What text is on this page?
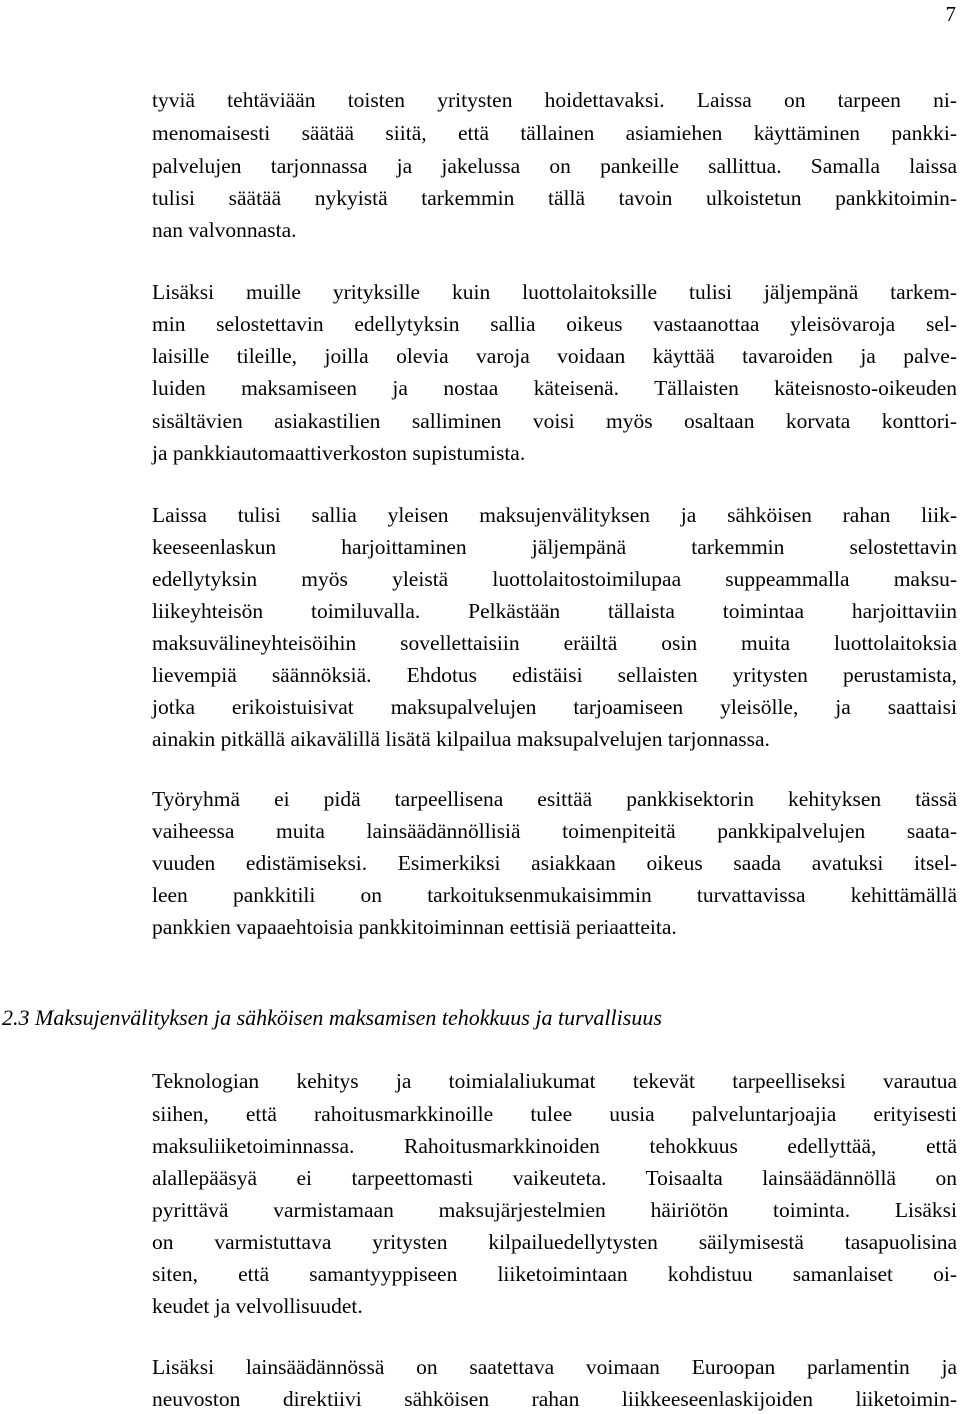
7
tyviä tehtäviään toisten yritysten hoidettavaksi. Laissa on tarpeen ni-
menomaisesti säätää siitä, että tällainen asiamiehen käyttäminen pankki-
palvelujen tarjonnassa ja jakelussa on pankeille sallittua. Samalla laissa
tulisi säätää nykyistä tarkemmin tällä tavoin ulkoistetun pankkitoimin-
nan valvonnasta.
Lisäksi muille yrityksille kuin luottolaitoksille tulisi jäljempänä tarkem-
min selostettavin edellytyksin sallia oikeus vastaanottaa yleisövaroja sel-
laisille tileille, joilla olevia varoja voidaan käyttää tavaroiden ja palve-
luiden maksamiseen ja nostaa käteisenä. Tällaisten käteisnosto-oikeuden
sisältävien asiakastilien salliminen voisi myös osaltaan korvata konttori-
ja pankkiautomaattiverkoston supistumista.
Laissa tulisi sallia yleisen maksujenvälityksen ja sähköisen rahan liik-
keeseenlaskun harjoittaminen jäljempänä tarkemmin selostettavin
edellytyksin myös yleistä luottolaitostoimilupaa suppeammalla maksu-
liikeyhteisön toimiluvalla. Pelkästään tällaista toimintaa harjoittaviin
maksuvälineyhteisöihin sovellettaisiin eräiltä osin muita luottolaitoksia
lievempiä säännöksiä. Ehdotus edistäisi sellaisten yritysten perustamista,
jotka erikoistuisivat maksupalvelujen tarjoamiseen yleisölle, ja saattaisi
ainakin pitkällä aikavälillä lisätä kilpailua maksupalvelujen tarjonnassa.
Työryhmä ei pidä tarpeellisena esittää pankkisektorin kehityksen tässä
vaiheessa muita lainsäädännöllisiä toimenpiteitä pankkipalvelujen saata-
vuuden edistämiseksi. Esimerkiksi asiakkaan oikeus saada avatuksi itsel-
leen pankkitili on tarkoituksenmukaisimmin turvattavissa kehittämällä
pankkien vapaaehtoisia pankkitoiminnan eettisiä periaatteita.
2.3 Maksujenvälityksen ja sähköisen maksamisen tehokkuus ja turvallisuus
Teknologian kehitys ja toimialaliukumat tekevät tarpeelliseksi varautua
siihen, että rahoitusmarkkinoille tulee uusia palveluntarjoajia erityisesti
maksuliiketoiminnassa. Rahoitusmarkkinoiden tehokkuus edellyttää, että
alallepääsyä ei tarpeettomasti vaikeuteta. Toisaalta lainsäädännöllä on
pyrittävä varmistamaan maksujärjestelmien häiriötön toiminta. Lisäksi
on varmistuttava yritysten kilpailuedellytysten säilymisestä tasapuolisina
siten, että samantyyppiseen liiketoimintaan kohdistuu samanlaiset oi-
keudet ja velvollisuudet.
Lisäksi lainsäädännössä on saatettava voimaan Euroopan parlamentin ja
neuvoston direktiivi sähköisen rahan liikkeeseenlaskijoiden liiketoimin-
